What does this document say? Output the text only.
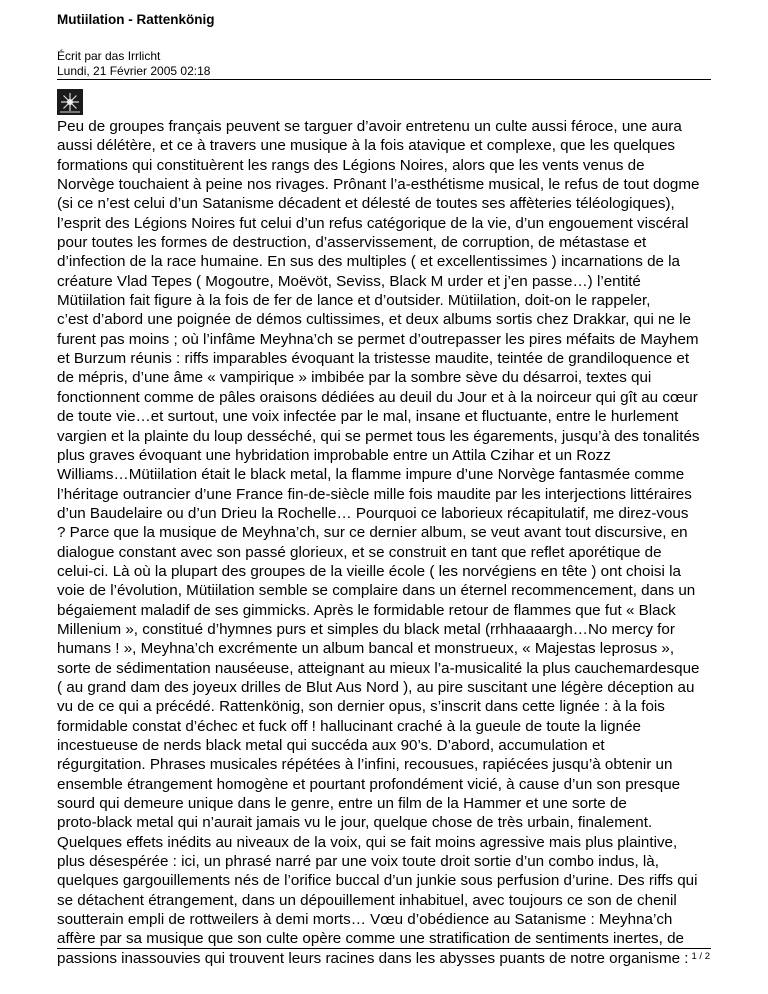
Mutiilation - Rattenkönig
Écrit par das Irrlicht
Lundi, 21 Février 2005 02:18
Peu de groupes français peuvent se targuer d’avoir entretenu un culte aussi féroce, une aura
aussi délétère, et ce à travers une musique à la fois atavique et complexe, que les quelques
formations qui constituèrent les rangs des Légions Noires, alors que les vents venus de
Norvège touchaient à peine nos rivages. Prônant l’a-esthétisme musical, le refus de tout dogme
(si ce n’est celui d’un Satanisme décadent et délesté de toutes ses affèteries téléologiques),
l’esprit des Légions Noires fut celui d’un refus catégorique de la vie, d’un engouement viscéral
pour toutes les formes de destruction, d’asservissement, de corruption, de métastase et
d’infection de la race humaine. En sus des multiples ( et excellentissimes ) incarnations de la
créature Vlad Tepes ( Mogoutre, Moëvöt, Seviss, Black M urder et j’en passe…) l’entité
Mütiilation fait figure à la fois de fer de lance et d’outsider. Mütiilation, doit-on le rappeler,
c’est d’abord une poignée de démos cultissimes, et deux albums sortis chez Drakkar, qui ne le
furent pas moins ; où l’infâme Meyhna’ch se permet d’outrepasser les pires méfaits de Mayhem
et Burzum réunis : riffs imparables évoquant la tristesse maudite, teintée de grandiloquence et
de mépris, d’une âme « vampirique » imbibée par la sombre sève du désarroi, textes qui
fonctionnent comme de pâles oraisons dédiées au deuil du Jour et à la noirceur qui gît au cœur
de toute vie…et surtout, une voix infectée par le mal, insane et fluctuante, entre le hurlement
vargien et la plainte du loup desséché, qui se permet tous les égarements, jusqu’à des tonalités
plus graves évoquant une hybridation improbable entre un Attila Czihar et un Rozz
Williams…Mütiilation était le black metal, la flamme impure d’une Norvège fantasmée comme
l’héritage outrancier d’une France fin-de-siècle mille fois maudite par les interjections littéraires
d’un Baudelaire ou d’un Drieu la Rochelle… Pourquoi ce laborieux récapitulatif, me direz-vous
? Parce que la musique de Meyhna’ch, sur ce dernier album, se veut avant tout discursive, en
dialogue constant avec son passé glorieux, et se construit en tant que reflet aporétique de
celui-ci. Là où la plupart des groupes de la vieille école ( les norvégiens en tête ) ont choisi la
voie de l’évolution, Mütiilation semble se complaire dans un éternel recommencement, dans un
bégaiement maladif de ses gimmicks. Après le formidable retour de flammes que fut « Black
Millenium », constitué d’hymnes purs et simples du black metal (rrhhaaaargh…No mercy for
humans ! », Meyhna’ch excrémente un album bancal et monstrueux, « Majestas leprosus »,
sorte de sédimentation nauséeuse, atteignant au mieux l’a-musicalité la plus cauchemardesque
( au grand dam des joyeux drilles de Blut Aus Nord ), au pire suscitant une légère déception au
vu de ce qui a précédé. Rattenkönig, son dernier opus, s’inscrit dans cette lignée : à la fois
formidable constat d’échec et fuck off ! hallucinant craché à la gueule de toute la lignée
incestueuse de nerds black metal qui succéda aux 90’s. D’abord, accumulation et
régurgitation. Phrases musicales répétées à l’infini, recousues, rapiécées jusqu’à obtenir un
ensemble étrangement homogène et pourtant profondément vicié, à cause d’un son presque
sourd qui demeure unique dans le genre, entre un film de la Hammer et une sorte de
proto-black metal qui n’aurait jamais vu le jour, quelque chose de très urbain, finalement.
Quelques effets inédits au niveaux de la voix, qui se fait moins agressive mais plus plaintive,
plus désespérée : ici, un phrasé narré par une voix toute droit sortie d’un combo indus, là,
quelques gargouillements nés de l’orifice buccal d’un junkie sous perfusion d’urine. Des riffs qui
se détachent étrangement, dans un dépouillement inhabituel, avec toujours ce son de chenil
soutterain empli de rottweilers à demi morts… Vœu d’obédience au Satanisme : Meyhna’ch
affère par sa musique que son culte opère comme une stratification de sentiments inertes, de
passions inassouvies qui trouvent leurs racines dans les abysses puants de notre organisme : 1 / 2
